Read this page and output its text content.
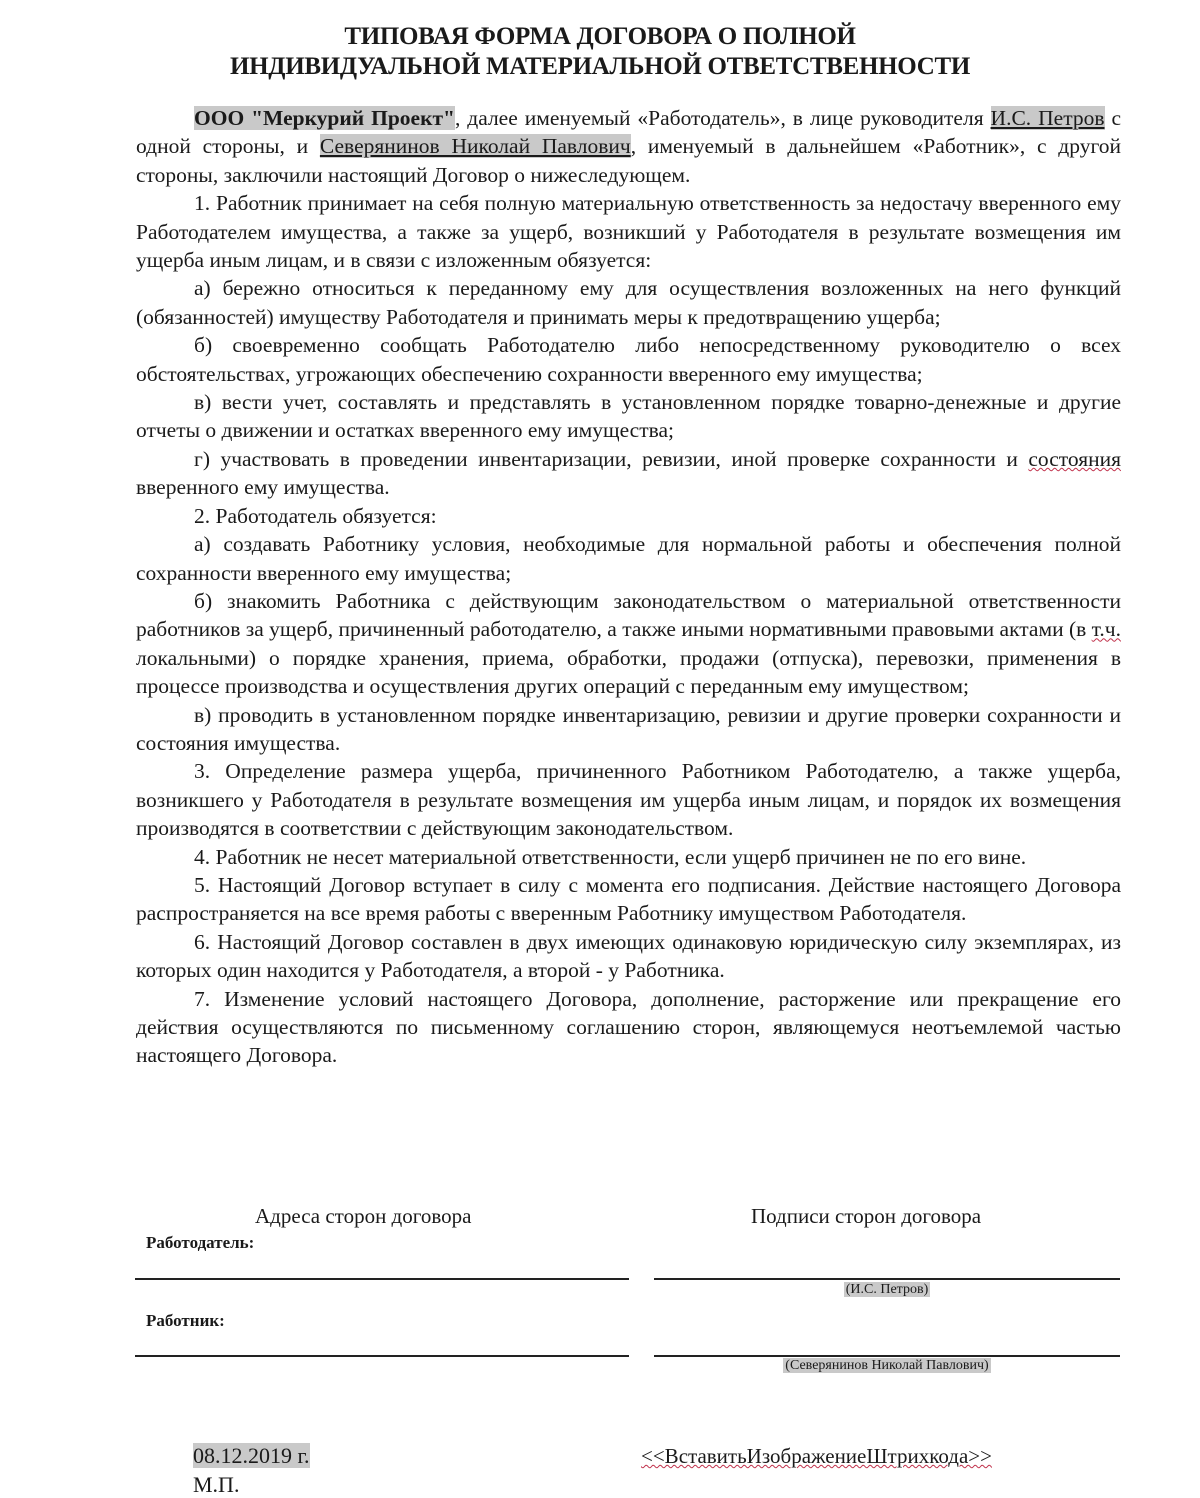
ТИПОВАЯ ФОРМА ДОГОВОРА О ПОЛНОЙ
ИНДИВИДУАЛЬНОЙ МАТЕРИАЛЬНОЙ ОТВЕТСТВЕННОСТИ

ООО "Меркурий Проект", далее именуемый «Работодатель», в лице руководителя И.С. Петров с одной стороны, и Северянинов Николай Павлович, именуемый в дальнейшем «Работник», с другой стороны, заключили настоящий Договор о нижеследующем.

1. Работник принимает на себя полную материальную ответственность за недостачу вверенного ему Работодателем имущества, а также за ущерб, возникший у Работодателя в результате возмещения им ущерба иным лицам, и в связи с изложенным обязуется:

а) бережно относиться к переданному ему для осуществления возложенных на него функций (обязанностей) имуществу Работодателя и принимать меры к предотвращению ущерба;

б) своевременно сообщать Работодателю либо непосредственному руководителю о всех обстоятельствах, угрожающих обеспечению сохранности вверенного ему имущества;

в) вести учет, составлять и представлять в установленном порядке товарно-денежные и другие отчеты о движении и остатках вверенного ему имущества;

г) участвовать в проведении инвентаризации, ревизии, иной проверке сохранности и состояния вверенного ему имущества.

2. Работодатель обязуется:

а) создавать Работнику условия, необходимые для нормальной работы и обеспечения полной сохранности вверенного ему имущества;

б) знакомить Работника с действующим законодательством о материальной ответственности работников за ущерб, причиненный работодателю, а также иными нормативными правовыми актами (в т.ч. локальными) о порядке хранения, приема, обработки, продажи (отпуска), перевозки, применения в процессе производства и осуществления других операций с переданным ему имуществом;

в) проводить в установленном порядке инвентаризацию, ревизии и другие проверки сохранности и состояния имущества.

3. Определение размера ущерба, причиненного Работником Работодателю, а также ущерба, возникшего у Работодателя в результате возмещения им ущерба иным лицам, и порядок их возмещения производятся в соответствии с действующим законодательством.

4. Работник не несет материальной ответственности, если ущерб причинен не по его вине.

5. Настоящий Договор вступает в силу с момента его подписания. Действие настоящего Договора распространяется на все время работы с вверенным Работнику имуществом Работодателя.

6. Настоящий Договор составлен в двух имеющих одинаковую юридическую силу экземплярах, из которых один находится у Работодателя, а второй - у Работника.

7. Изменение условий настоящего Договора, дополнение, расторжение или прекращение его действия осуществляются по письменному соглашению сторон, являющемуся неотъемлемой частью настоящего Договора.

Адреса сторон договора	Подписи сторон договора
Работодатель:
(И.С. Петров)
Работник:
(Северянинов Николай Павлович)
08.12.2019 г.
М.П.
<<ВставитьИзображениеШтрихкода>>
